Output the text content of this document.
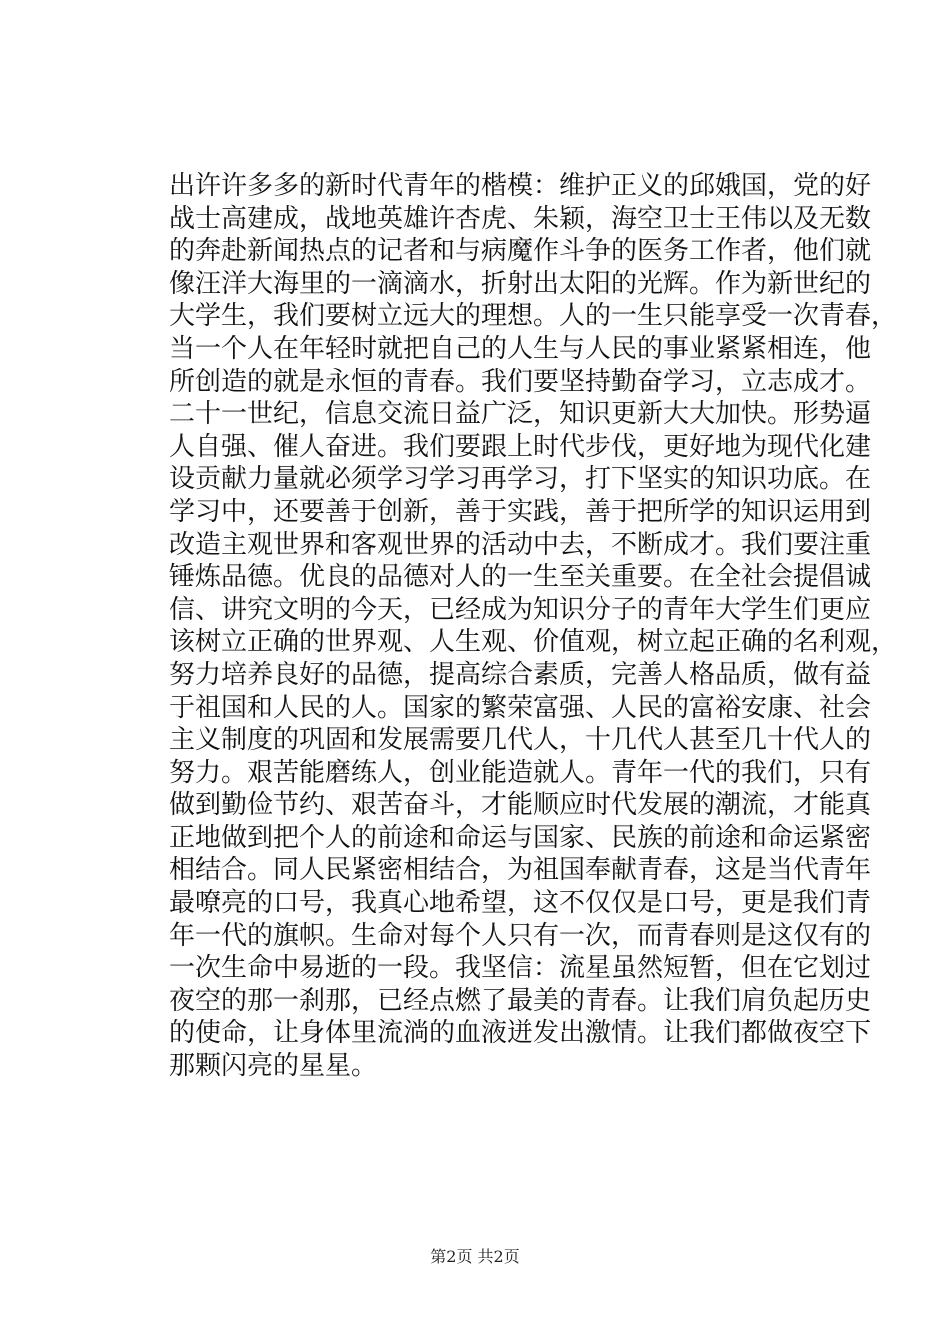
出许许多多的新时代青年的楷模：维护正义的邱娥国，党的好
战士高建成，战地英雄许杏虎、朱颖，海空卫士王伟以及无数
的奔赴新闻热点的记者和与病魔作斗争的医务工作者，他们就
像汪洋大海里的一滴滴水，折射出太阳的光辉。作为新世纪的
大学生，我们要树立远大的理想。人的一生只能享受一次青春，
当一个人在年轻时就把自己的人生与人民的事业紧紧相连，他
所创造的就是永恒的青春。我们要坚持勤奋学习，立志成才。
二十一世纪，信息交流日益广泛，知识更新大大加快。形势逼
人自强、催人奋进。我们要跟上时代步伐，更好地为现代化建
设贡献力量就必须学习学习再学习，打下坚实的知识功底。在
学习中，还要善于创新，善于实践，善于把所学的知识运用到
改造主观世界和客观世界的活动中去，不断成才。我们要注重
锤炼品德。优良的品德对人的一生至关重要。在全社会提倡诚
信、讲究文明的今天，已经成为知识分子的青年大学生们更应
该树立正确的世界观、人生观、价值观，树立起正确的名利观，
努力培养良好的品德，提高综合素质，完善人格品质，做有益
于祖国和人民的人。国家的繁荣富强、人民的富裕安康、社会
主义制度的巩固和发展需要几代人，十几代人甚至几十代人的
努力。艰苦能磨练人，创业能造就人。青年一代的我们，只有
做到勤俭节约、艰苦奋斗，才能顺应时代发展的潮流，才能真
正地做到把个人的前途和命运与国家、民族的前途和命运紧密
相结合。同人民紧密相结合，为祖国奉献青春，这是当代青年
最嘹亮的口号，我真心地希望，这不仅仅是口号，更是我们青
年一代的旗帜。生命对每个人只有一次，而青春则是这仅有的
一次生命中易逝的一段。我坚信：流星虽然短暂，但在它划过
夜空的那一刹那，已经点燃了最美的青春。让我们肩负起历史
的使命，让身体里流淌的血液迸发出激情。让我们都做夜空下
那颗闪亮的星星。
第2页 共2页
